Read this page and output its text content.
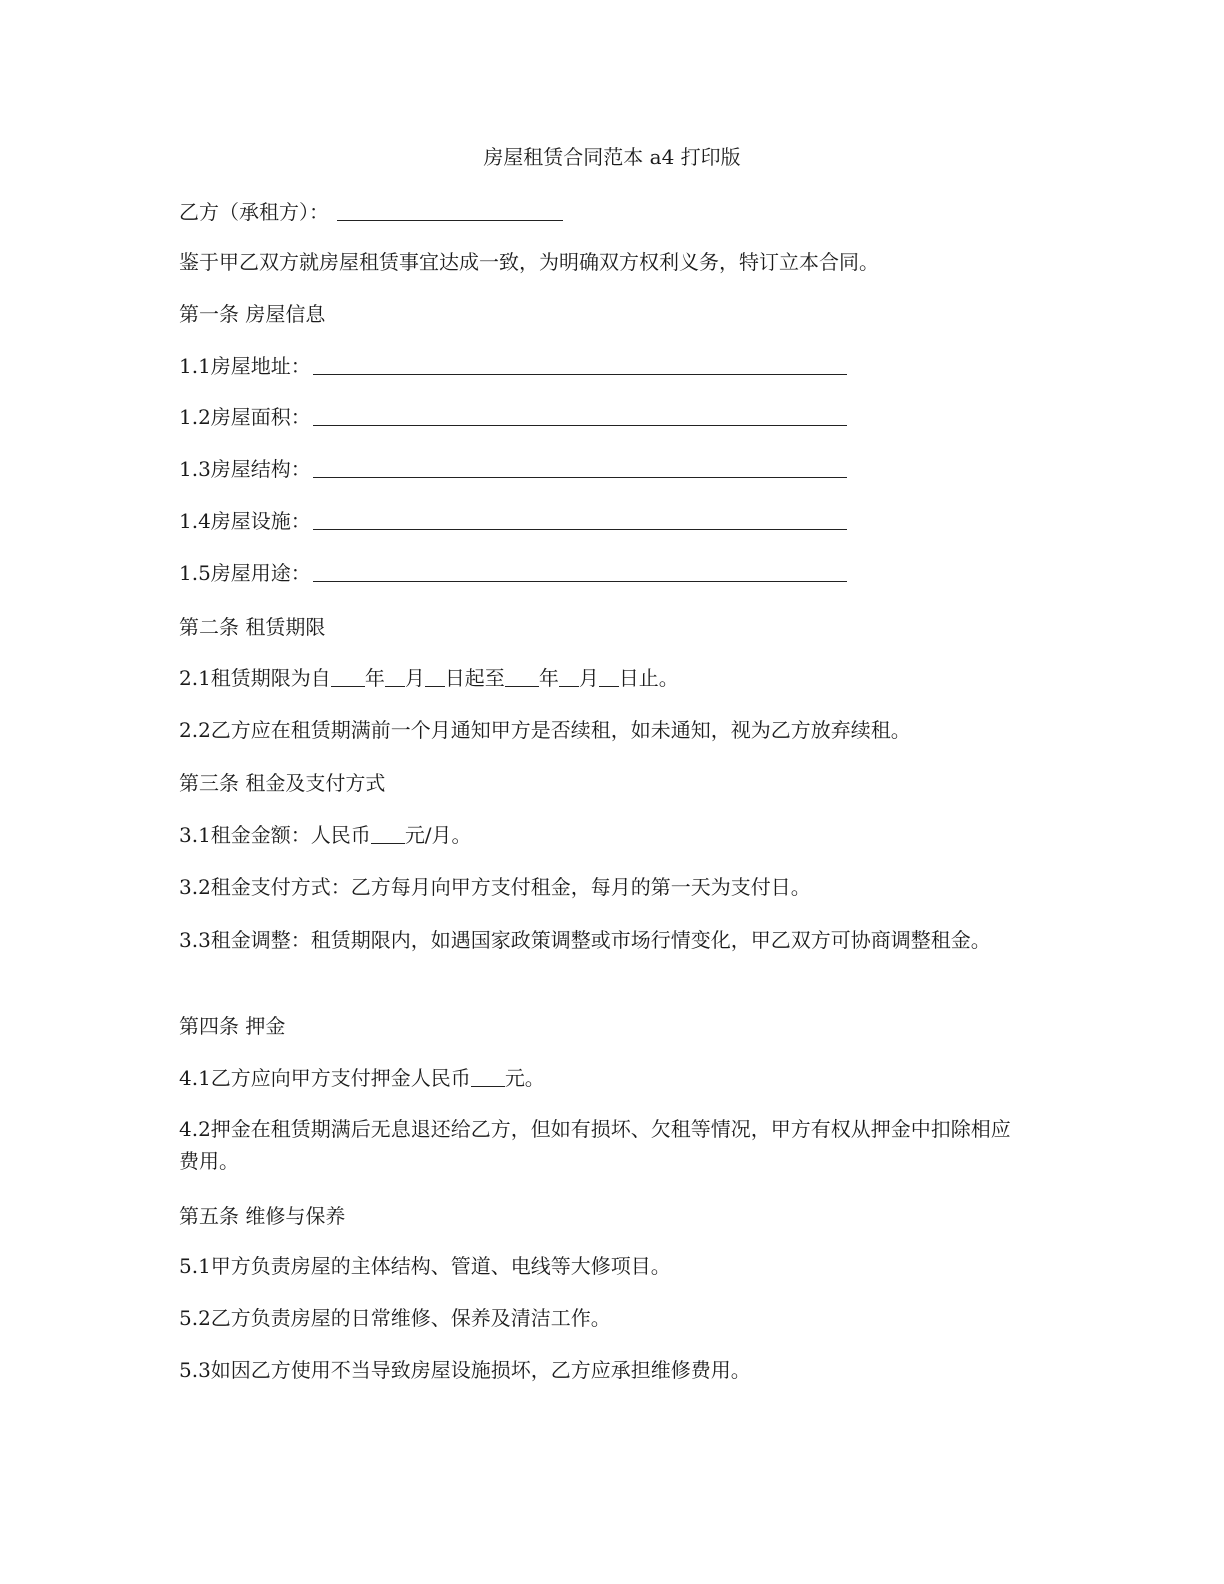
房屋租赁合同范本 a4 打印版
乙方（承租方）：
鉴于甲乙双方就房屋租赁事宜达成一致，为明确双方权利义务，特订立本合同。
第一条 房屋信息
1.1房屋地址：
1.2房屋面积：
1.3房屋结构：
1.4房屋设施：
1.5房屋用途：
第二条 租赁期限
2.1租赁期限为自 年 月 日起至 年 月 日止。
2.2乙方应在租赁期满前一个月通知甲方是否续租，如未通知，视为乙方放弃续租。
第三条 租金及支付方式
3.1租金金额：人民币 元/月。
3.2租金支付方式：乙方每月向甲方支付租金，每月的第一天为支付日。
3.3租金调整：租赁期限内，如遇国家政策调整或市场行情变化，甲乙双方可协商调整租金。
第四条 押金
4.1乙方应向甲方支付押金人民币 元。
4.2押金在租赁期满后无息退还给乙方，但如有损坏、欠租等情况，甲方有权从押金中扣除相应费用。
第五条 维修与保养
5.1甲方负责房屋的主体结构、管道、电线等大修项目。
5.2乙方负责房屋的日常维修、保养及清洁工作。
5.3如因乙方使用不当导致房屋设施损坏，乙方应承担维修费用。
